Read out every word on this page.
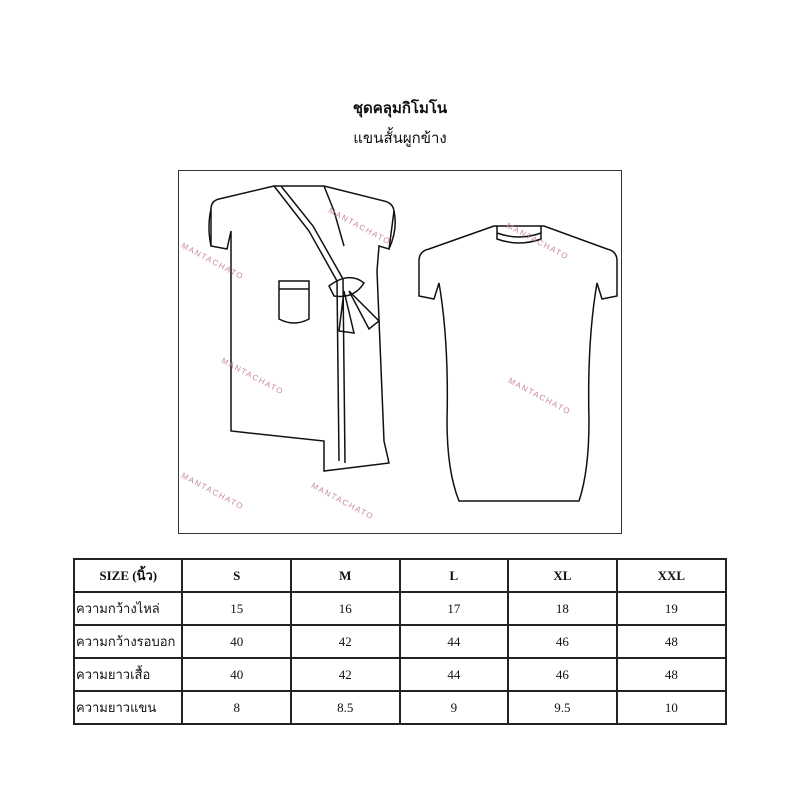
ชุดคลุมกิโมโน
แขนสั้นผูกข้าง
MANTACHATO
MANTACHATO	MANTACHATO
MANTACHATO	MANTACHATO
MANTACHATO	MANTACHATO
SIZE (นิ้ว)	S	M	L	XL	XXL
ความกว้างไหล่	15	16	17	18	19
ความกว้างรอบอก	40	42	44	46	48
ความยาวเสื้อ	40	42	44	46	48
ความยาวแขน	8	8.5	9	9.5	10
